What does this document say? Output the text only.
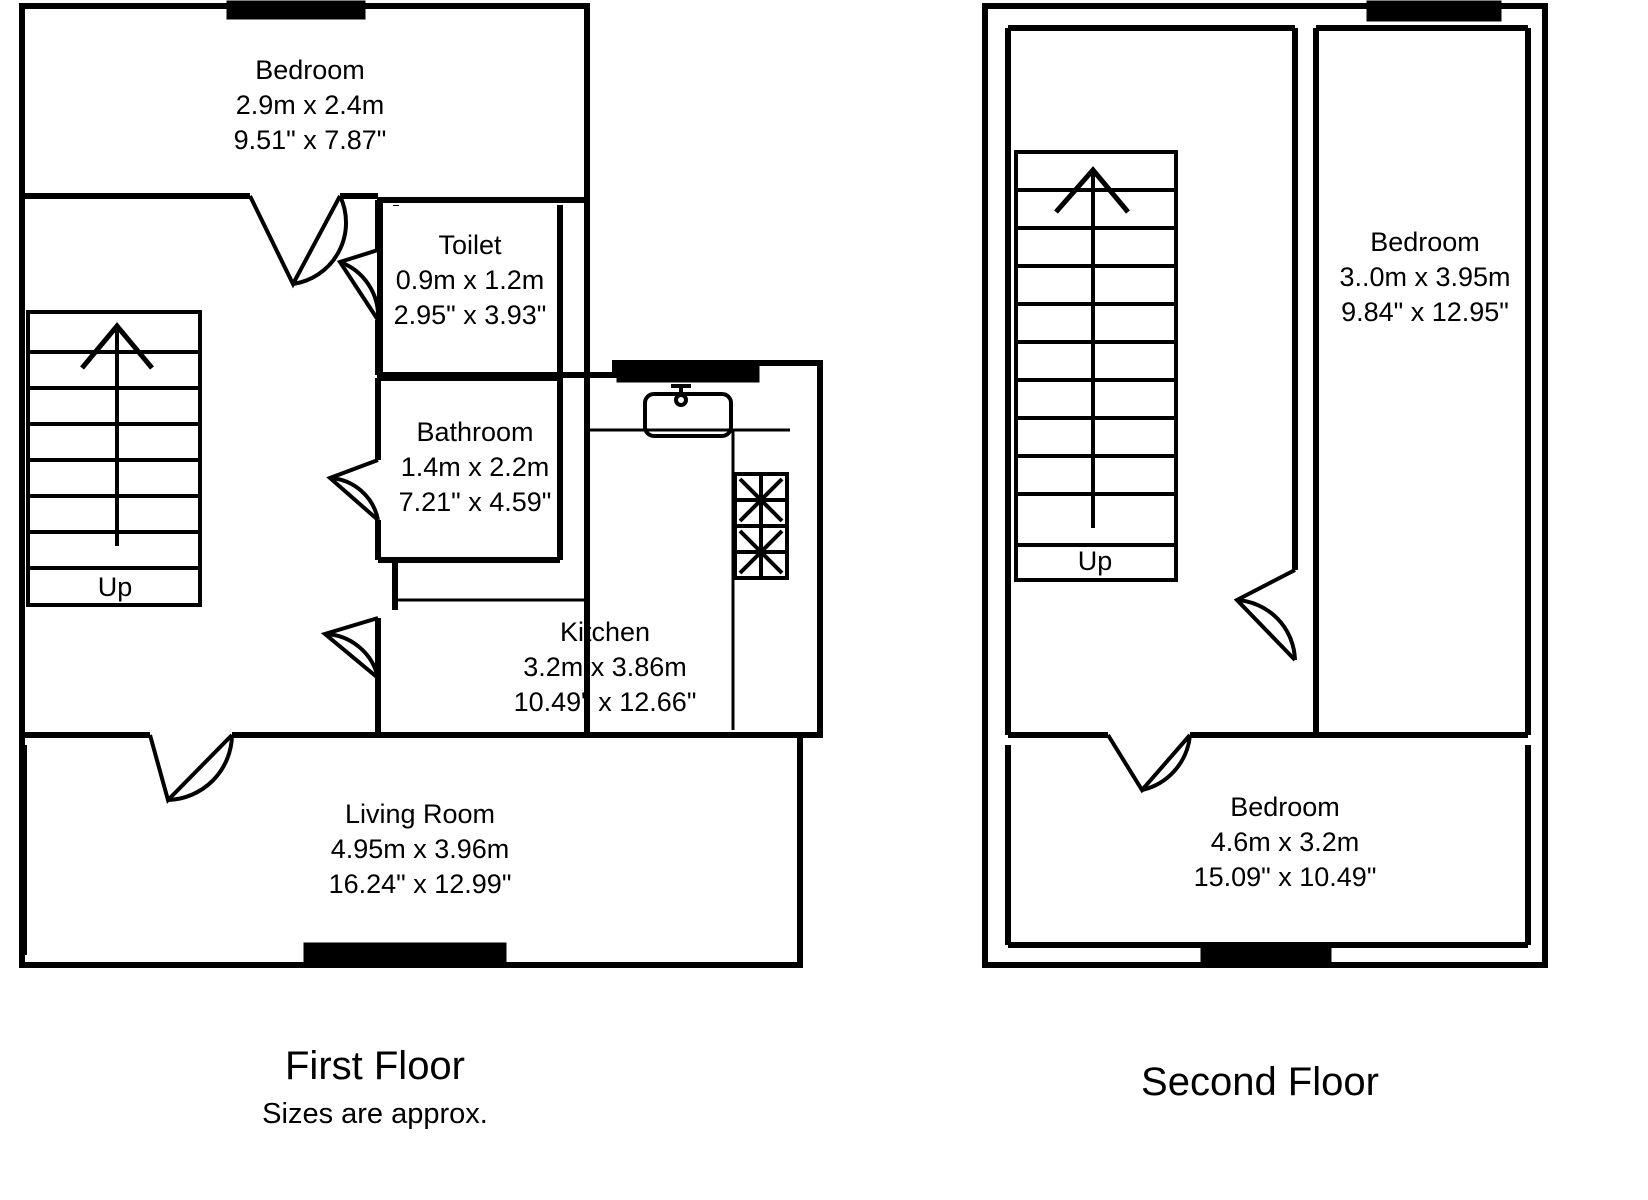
Bedroom
2.9m x 2.4m
9.51" x 7.87"
Toilet
0.9m x 1.2m
2.95" x 3.93"
Bathroom
1.4m x 2.2m
7.21" x 4.59"
Kitchen
3.2m x 3.86m
10.49" x 12.66"
Living Room
4.95m x 3.96m
16.24" x 12.99"
Up
First Floor
Sizes are approx.
Bedroom
3..0m x 3.95m
9.84" x 12.95"
Bedroom
4.6m x 3.2m
15.09" x 10.49"
Up
Second Floor
